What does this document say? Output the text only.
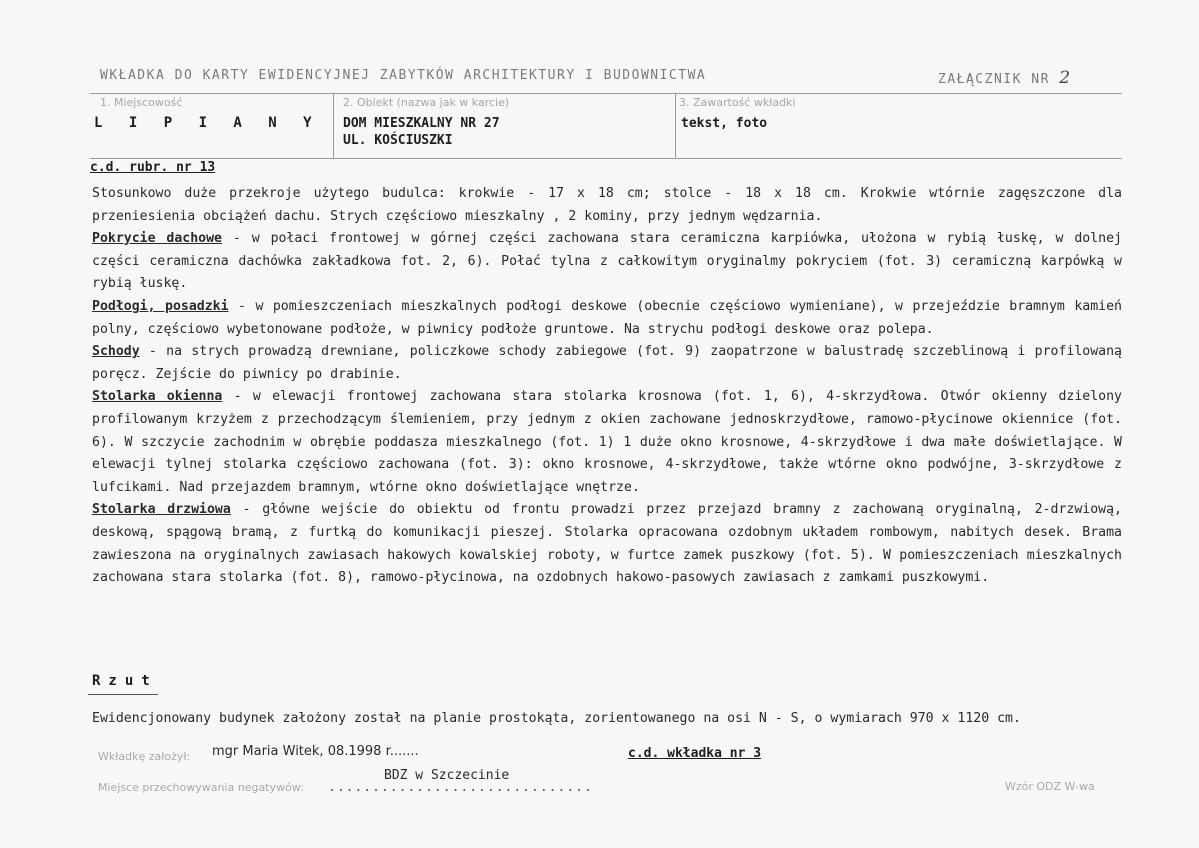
WKŁADKA DO KARTY EWIDENCYJNEJ ZABYTKÓW ARCHITEKTURY I BUDOWNICTWA	ZAŁĄCZNIK NR 2
1. Miejscowość
L I P I A N Y
2. Obiekt (nazwa jak w karcie)
DOM MIESZKALNY NR 27
UL. KOŚCIUSZKI
3. Zawartość wkładki
tekst, foto
c.d. rubr. nr 13

Stosunkowo duże przekroje użytego budulca: krokwie - 17 x 18 cm; stolce - 18 x 18 cm. Krokwie wtórnie zagęszczone dla przeniesienia obciążeń dachu. Strych częściowo mieszkalny , 2 kominy, przy jednym wędzarnia.

Pokrycie dachowe - w połaci frontowej w górnej części zachowana stara ceramiczna karpiówka, ułożona w rybią łuskę, w dolnej części ceramiczna dachówka zakładkowa fot. 2, 6). Połać tylna z całkowitym oryginalmy pokryciem (fot. 3) ceramiczną karpówką w rybią łuskę.

Podłogi, posadzki - w pomieszczeniach mieszkalnych podłogi deskowe (obecnie częściowo wymieniane), w przejeździe bramnym kamień polny, częściowo wybetonowane podłoże, w piwnicy podłoże gruntowe. Na strychu podłogi deskowe oraz polepa.

Schody - na strych prowadzą drewniane, policzkowe schody zabiegowe (fot. 9) zaopatrzone w balustradę szczeblinową i profilowaną poręcz. Zejście do piwnicy po drabinie.

Stolarka okienna - w elewacji frontowej zachowana stara stolarka krosnowa (fot. 1, 6), 4-skrzydłowa. Otwór okienny dzielony profilowanym krzyżem z przechodzącym ślemieniem, przy jednym z okien zachowane jednoskrzydłowe, ramowo-płycinowe okiennice (fot. 6). W szczycie zachodnim w obrębie poddasza mieszkalnego (fot. 1) 1 duże okno krosnowe, 4-skrzydłowe i dwa małe doświetlające. W elewacji tylnej stolarka częściowo zachowana (fot. 3): okno krosnowe, 4-skrzydłowe, także wtórne okno podwójne, 3-skrzydłowe z lufcikami. Nad przejazdem bramnym, wtórne okno doświetlające wnętrze.

Stolarka drzwiowa - główne wejście do obiektu od frontu prowadzi przez przejazd bramny z zachowaną oryginalną, 2-drzwiową, deskową, spągową bramą, z furtką do komunikacji pieszej. Stolarka opracowana ozdobnym układem rombowym, nabitych desek. Brama zawieszona na oryginalnych zawiasach hakowych kowalskiej roboty, w furtce zamek puszkowy (fot. 5). W pomieszczeniach mieszkalnych zachowana stara stolarka (fot. 8), ramowo-płycinowa, na ozdobnych hakowo-pasowych zawiasach z zamkami puszkowymi.

Rzut
Ewidencjonowany budynek założony został na planie prostokąta, zorientowanego na osi N - S, o wymiarach 970 x 1120 cm.
Wkładkę założył: mgr Maria Witek, 08.1998 r.......	c.d. wkładka nr 3
BDZ w Szczecinie
Miejsce przechowywania negatywów: ..............................	Wzór ODZ W-wa
